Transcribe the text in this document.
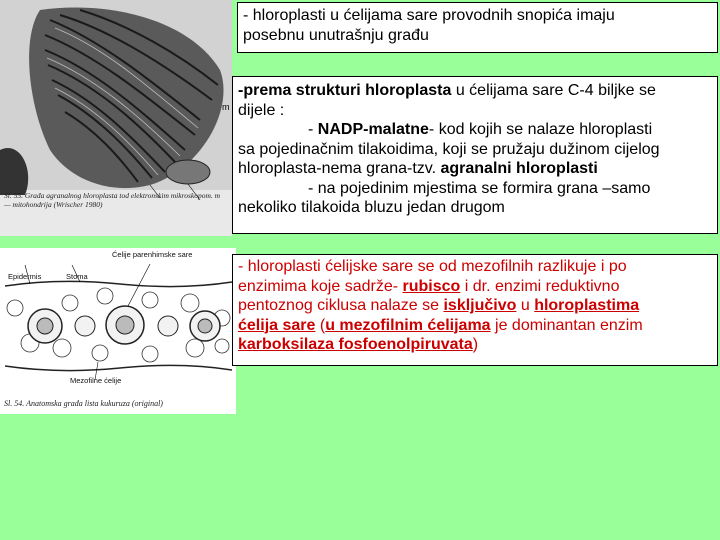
m
Sl. 55. Građa agranalnog hloroplasta tod elektronskim mikroskopom. m — mitohondrija (Wrischer 1980)
Epidermis	Stoma
Ćelije parenhimske sare
Mezofilne ćelije
Sl. 54. Anatomska građa lista kukuruza (original)
- hloroplasti u ćelijama sare provodnih snopića imaju
posebnu unutrašnju građu
-prema strukturi hloroplasta u ćelijama sare C-4 biljke se
dijele :
- NADP-malatne- kod kojih se nalaze hloroplasti
sa pojedinačnim tilakoidima, koji se pružaju dužinom cijelog
hloroplasta-nema grana-tzv. agranalni hloroplasti
- na pojedinim mjestima se formira grana –samo
nekoliko tilakoida bluzu jedan drugom
- hloroplasti ćelijske sare se od mezofilnih razlikuje i po
enzimima koje sadrže- rubisco i dr. enzimi reduktivno
pentoznog ciklusa nalaze se isključivo u hloroplastima
ćelija sare (u mezofilnim ćelijama je dominantan enzim
karboksilaza fosfoenolpiruvata)
